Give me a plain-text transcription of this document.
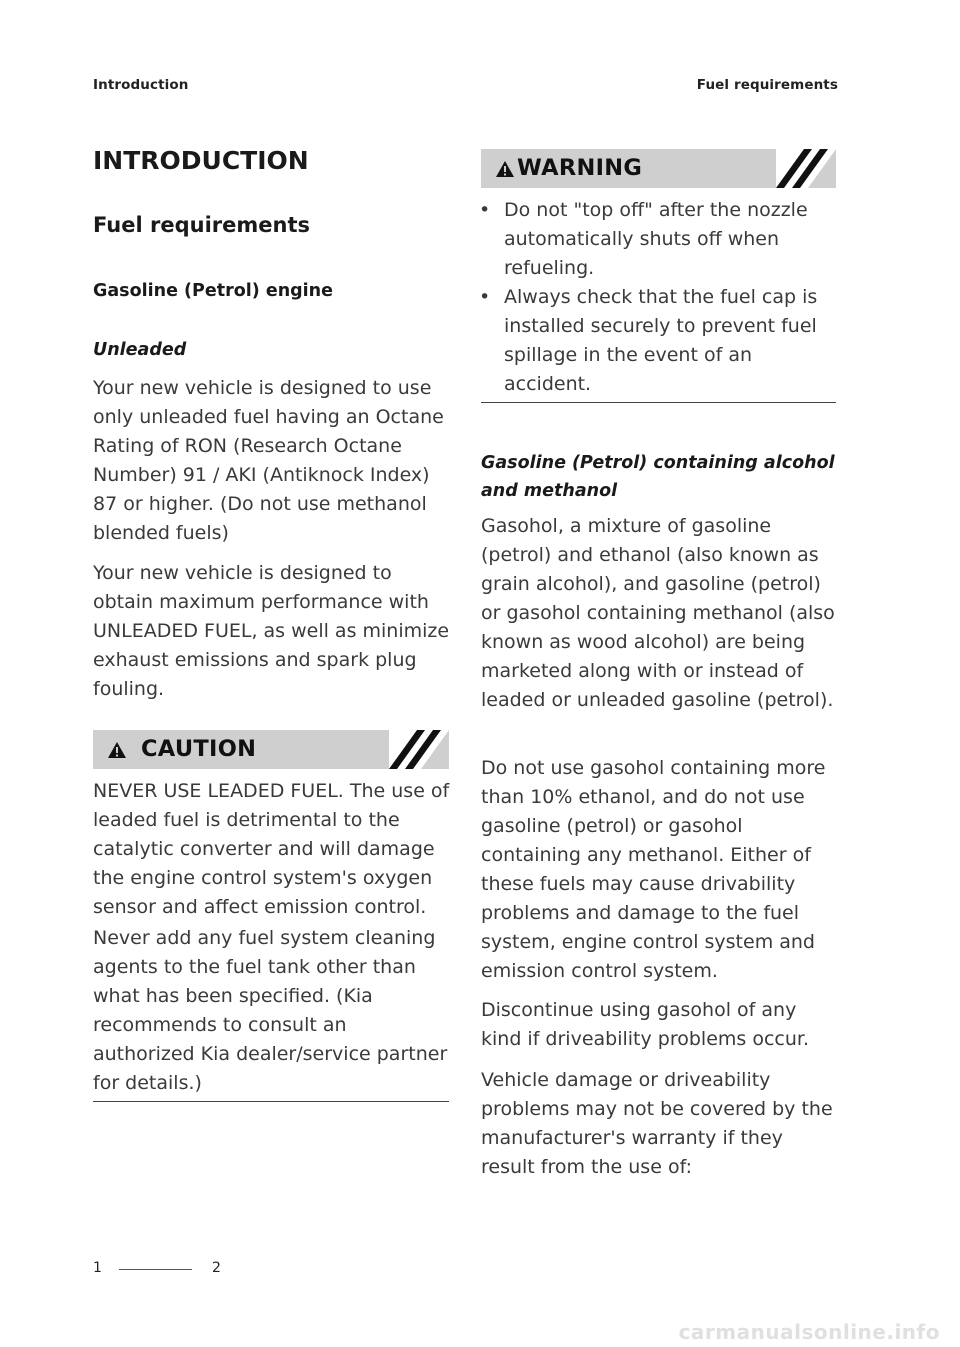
Introduction	Fuel requirements
INTRODUCTION
Fuel requirements
Gasoline (Petrol) engine
Unleaded

Your new vehicle is designed to use only unleaded fuel having an Octane Rating of RON (Research Octane Number) 91 / AKI (Antiknock Index) 87 or higher. (Do not use methanol blended fuels)

Your new vehicle is designed to obtain maximum performance with UNLEADED FUEL, as well as minimize exhaust emissions and spark plug fouling.

CAUTION

NEVER USE LEADED FUEL. The use of leaded fuel is detrimental to the catalytic converter and will damage the engine control system's oxygen sensor and affect emission control.

Never add any fuel system cleaning agents to the fuel tank other than what has been specified. (Kia recommends to consult an authorized Kia dealer/service partner for details.)

WARNING
• Do not "top off" after the nozzle automatically shuts off when refueling.
• Always check that the fuel cap is installed securely to prevent fuel spillage in the event of an accident.
Gasoline (Petrol) containing alcohol and methanol

Gasohol, a mixture of gasoline (petrol) and ethanol (also known as grain alcohol), and gasoline (petrol) or gasohol containing methanol (also known as wood alcohol) are being marketed along with or instead of leaded or unleaded gasoline (petrol).

Do not use gasohol containing more than 10% ethanol, and do not use gasoline (petrol) or gasohol containing any methanol. Either of these fuels may cause drivability problems and damage to the fuel system, engine control system and emission control system.

Discontinue using gasohol of any kind if driveability problems occur.

Vehicle damage or driveability problems may not be covered by the manufacturer's warranty if they result from the use of:

1	2
carmanualsonline.info
